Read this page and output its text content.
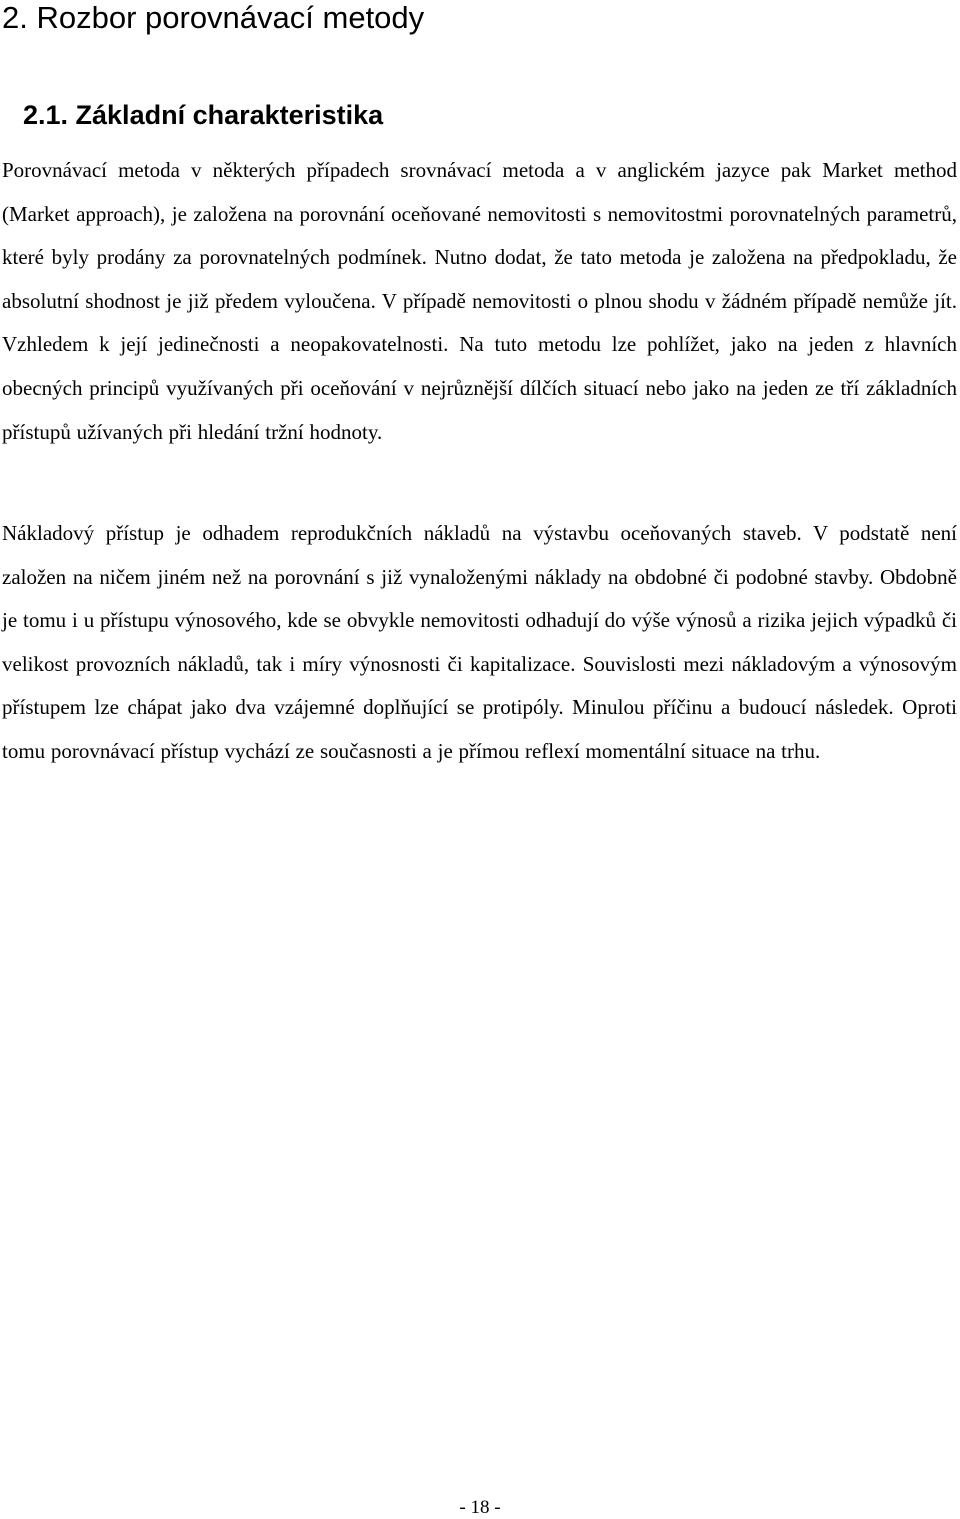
2. Rozbor porovnávací metody
2.1. Základní charakteristika

Porovnávací metoda v některých případech srovnávací metoda a v anglickém jazyce pak Market method (Market approach), je založena na porovnání oceňované nemovitosti s nemovitostmi porovnatelných parametrů, které byly prodány za porovnatelných podmínek. Nutno dodat, že tato metoda je založena na předpokladu, že absolutní shodnost je již předem vyloučena. V případě nemovitosti o plnou shodu v žádném případě nemůže jít. Vzhledem k její jedinečnosti a neopakovatelnosti. Na tuto metodu lze pohlížet, jako na jeden z hlavních obecných principů využívaných při oceňování v nejrůznější dílčích situací nebo jako na jeden ze tří základních přístupů užívaných při hledání tržní hodnoty.

Nákladový přístup je odhadem reprodukčních nákladů na výstavbu oceňovaných staveb. V podstatě není založen na ničem jiném než na porovnání s již vynaloženými náklady na obdobné či podobné stavby. Obdobně je tomu i u přístupu výnosového, kde se obvykle nemovitosti odhadují do výše výnosů a rizika jejich výpadků či velikost provozních nákladů, tak i míry výnosnosti či kapitalizace. Souvislosti mezi nákladovým a výnosovým přístupem lze chápat jako dva vzájemné doplňující se protipóly. Minulou příčinu a budoucí následek. Oproti tomu porovnávací přístup vychází ze současnosti a je přímou reflexí momentální situace na trhu.

- 18 -
